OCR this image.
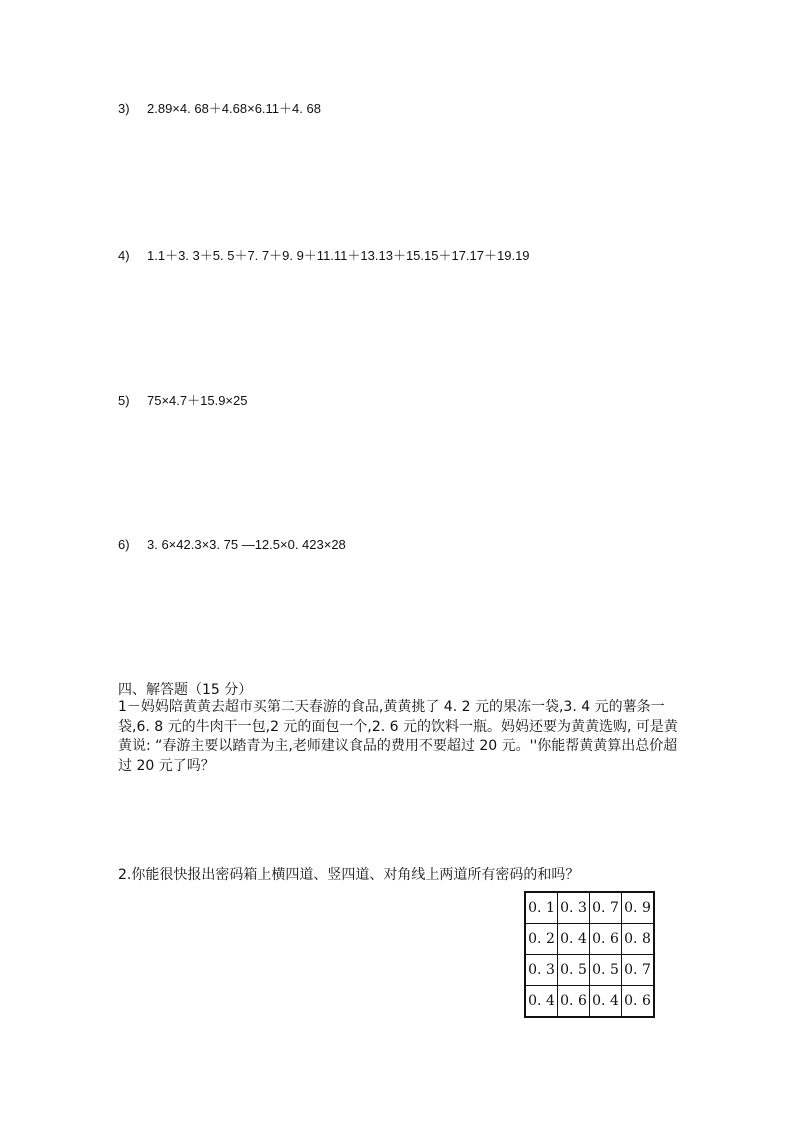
3) 2.89×4. 68＋4.68×6.11＋4. 68
4) 1.1＋3. 3＋5. 5＋7. 7＋9. 9＋11.11＋13.13＋15.15＋17.17＋19.19
5) 75×4.7＋15.9×25
6) 3. 6×42.3×3. 75 —12.5×0. 423×28
四、解答题（15 分）
1－妈妈陪黄黄去超市买第二天春游的食品,黄黄挑了 4. 2 元的果冻一袋,3. 4 元的薯条一袋,6. 8 元的牛肉干一包,2 元的面包一个,2. 6 元的饮料一瓶。妈妈还要为黄黄选购, 可是黄黄说: “春游主要以踏青为主,老师建议食品的费用不要超过 20 元。''你能帮黄黄算出总价超过 20 元了吗？
2.你能很快报出密码箱上横四道、竖四道、对角线上两道所有密码的和吗？
0. 1	0. 3	0. 7	0. 9
0. 2	0. 4	0. 6	0. 8
0. 3	0. 5	0. 5	0. 7
0. 4	0. 6	0. 4	0. 6
